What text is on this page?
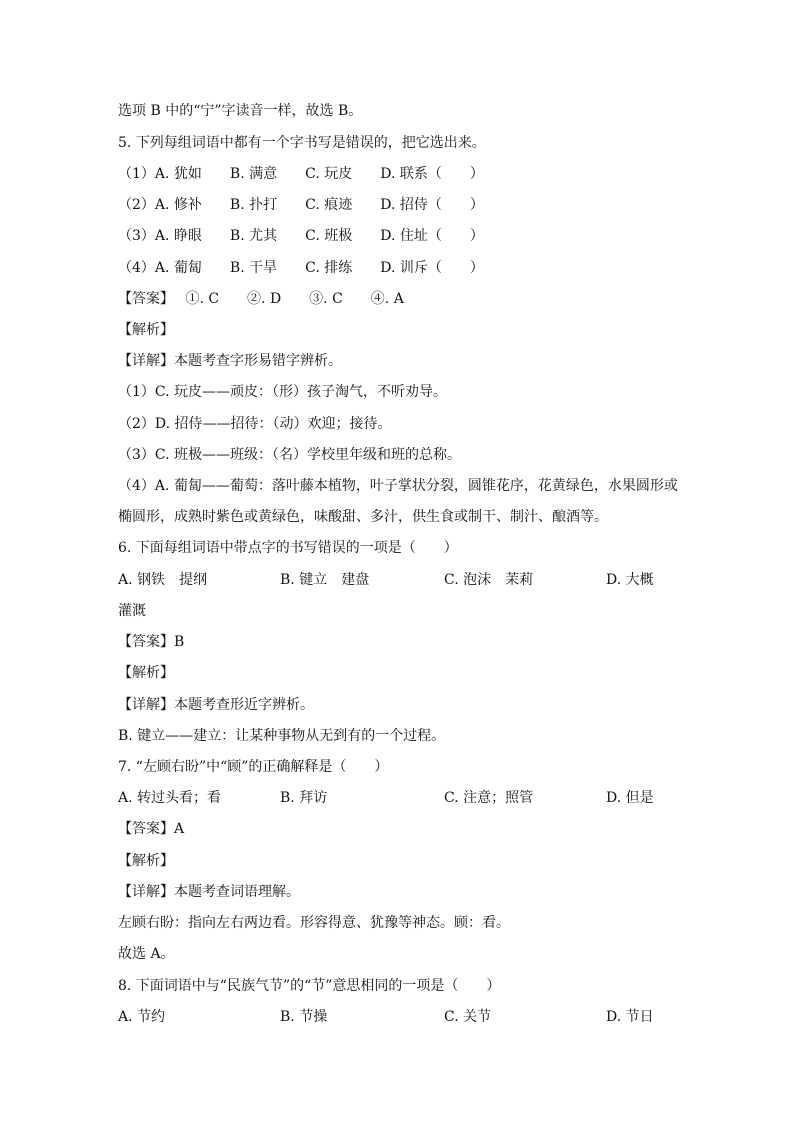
选项 B 中的“宁”字读音一样，故选 B。
5. 下列每组词语中都有一个字书写是错误的，把它选出来。
（1）A. 犹如　　B. 满意　　C. 玩皮　　D. 联系（　　）
（2）A. 修补　　B. 扑打　　C. 痕迹　　D. 招侍（　　）
（3）A. 睁眼　　B. 尤其　　C. 班极　　D. 住址（　　）
（4）A. 葡匐　　B. 干旱　　C. 排练　　D. 训斥（　　）
【答案】　 ①. C　　②. D　　③. C　　④. A
【解析】
【详解】本题考查字形易错字辨析。
（1）C. 玩皮——顽皮：（形）孩子淘气，不听劝导。
（2）D. 招侍——招待：（动）欢迎；接待。
（3）C. 班极——班级：（名）学校里年级和班的总称。
（4）A. 葡匐——葡萄：落叶藤本植物，叶子掌状分裂，圆锥花序，花黄绿色，水果圆形或
椭圆形，成熟时紫色或黄绿色，味酸甜、多汁，供生食或制干、制汁、酿酒等。
6. 下面每组词语中带点字的书写错误的一项是（　　）
A. 钢铁　提纲	B. 键立　建盘	C. 泡沫　茉莉	D. 大概
灌溉
【答案】B
【解析】
【详解】本题考查形近字辨析。
B. 键立——建立：让某种事物从无到有的一个过程。
7. “左顾右盼”中“顾”的正确解释是（　　）
A. 转过头看；看	B. 拜访	C. 注意；照管	D. 但是
【答案】A
【解析】
【详解】本题考查词语理解。
左顾右盼：指向左右两边看。形容得意、犹豫等神态。顾：看。
故选 A。
8. 下面词语中与“民族气节”的“节”意思相同的一项是（　　）
A. 节约	B. 节操	C. 关节	D. 节日
